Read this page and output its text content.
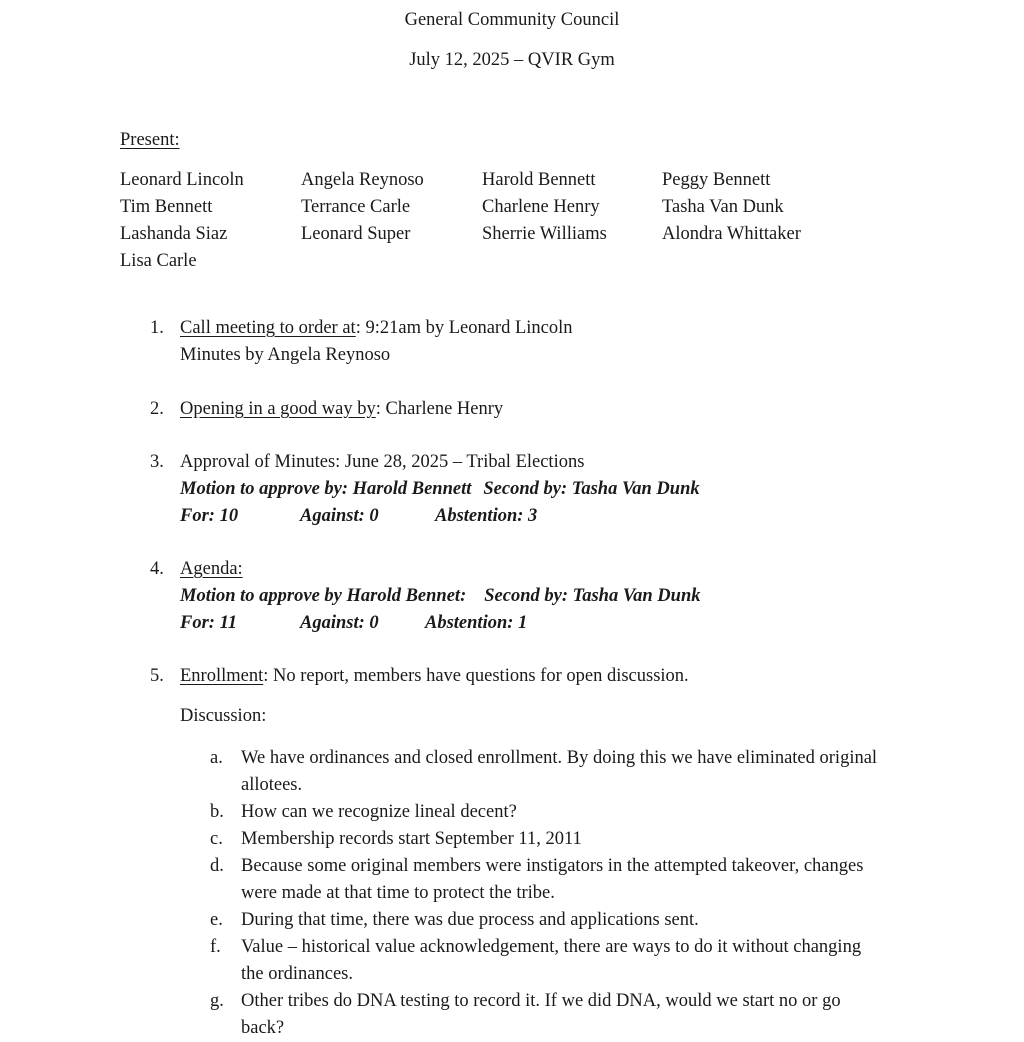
General Community Council
July 12, 2025 – QVIR Gym
Present:
Leonard Lincoln	Angela Reynoso	Harold Bennett	Peggy Bennett
Tim Bennett	Terrance Carle	Charlene Henry	Tasha Van Dunk
Lashanda Siaz	Leonard Super	Sherrie Williams	Alondra Whittaker
Lisa Carle
1. Call meeting to order at: 9:21am by Leonard Lincoln
Minutes by Angela Reynoso
2. Opening in a good way by: Charlene Henry
3. Approval of Minutes: June 28, 2025 – Tribal Elections
Motion to approve by: Harold Bennett Second by: Tasha Van Dunk
For: 10	Against: 0	Abstention: 3
4. Agenda:
Motion to approve by Harold Bennet: Second by: Tasha Van Dunk
For: 11	Against: 0	Abstention: 1
5. Enrollment: No report, members have questions for open discussion.
Discussion:
a. We have ordinances and closed enrollment. By doing this we have eliminated original allotees.
b. How can we recognize lineal decent?
c. Membership records start September 11, 2011
d. Because some original members were instigators in the attempted takeover, changes were made at that time to protect the tribe.
e. During that time, there was due process and applications sent.
f. Value – historical value acknowledgement, there are ways to do it without changing the ordinances.
g. Other tribes do DNA testing to record it. If we did DNA, would we start no or go back?
